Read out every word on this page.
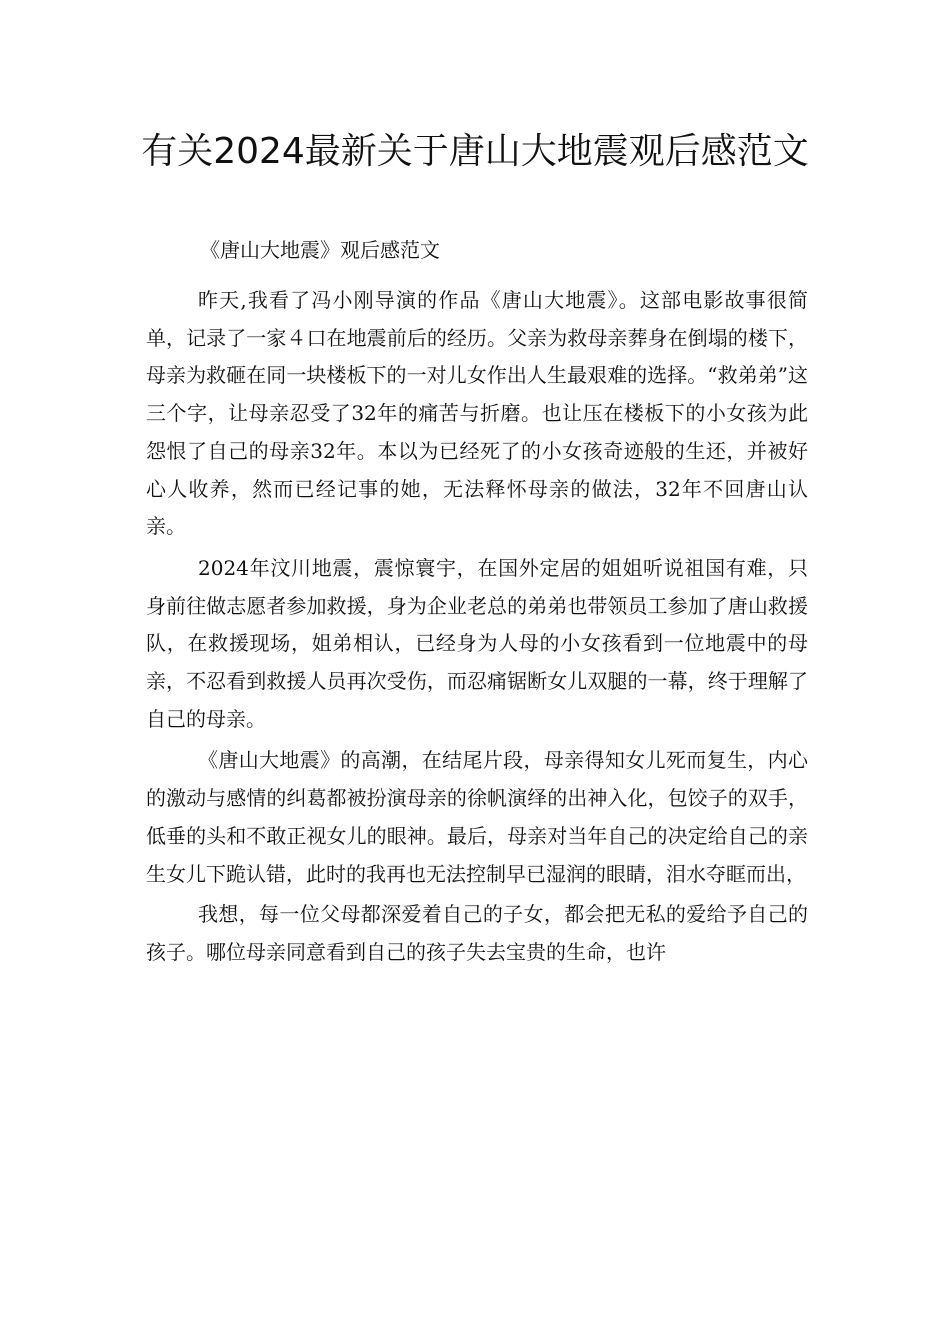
有关2024最新关于唐山大地震观后感范文

《唐山大地震》观后感范文

昨天,我看了冯小刚导演的作品《唐山大地震》。这部电影故事很简单，记录了一家４口在地震前后的经历。父亲为救母亲葬身在倒塌的楼下，母亲为救砸在同一块楼板下的一对儿女作出人生最艰难的选择。“救弟弟”这三个字，让母亲忍受了32年的痛苦与折磨。也让压在楼板下的小女孩为此怨恨了自己的母亲32年。本以为已经死了的小女孩奇迹般的生还，并被好心人收养，然而已经记事的她，无法释怀母亲的做法，32年不回唐山认亲。

2024年汶川地震，震惊寰宇，在国外定居的姐姐听说祖国有难，只身前往做志愿者参加救援，身为企业老总的弟弟也带领员工参加了唐山救援队，在救援现场，姐弟相认，已经身为人母的小女孩看到一位地震中的母亲，不忍看到救援人员再次受伤，而忍痛锯断女儿双腿的一幕，终于理解了自己的母亲。

《唐山大地震》的高潮，在结尾片段，母亲得知女儿死而复生，内心的激动与感情的纠葛都被扮演母亲的徐帆演绎的出神入化，包饺子的双手，低垂的头和不敢正视女儿的眼神。最后，母亲对当年自己的决定给自己的亲生女儿下跪认错，此时的我再也无法控制早已湿润的眼睛，泪水夺眶而出，

我想，每一位父母都深爱着自己的子女，都会把无私的爱给予自己的孩子。哪位母亲同意看到自己的孩子失去宝贵的生命，也许
